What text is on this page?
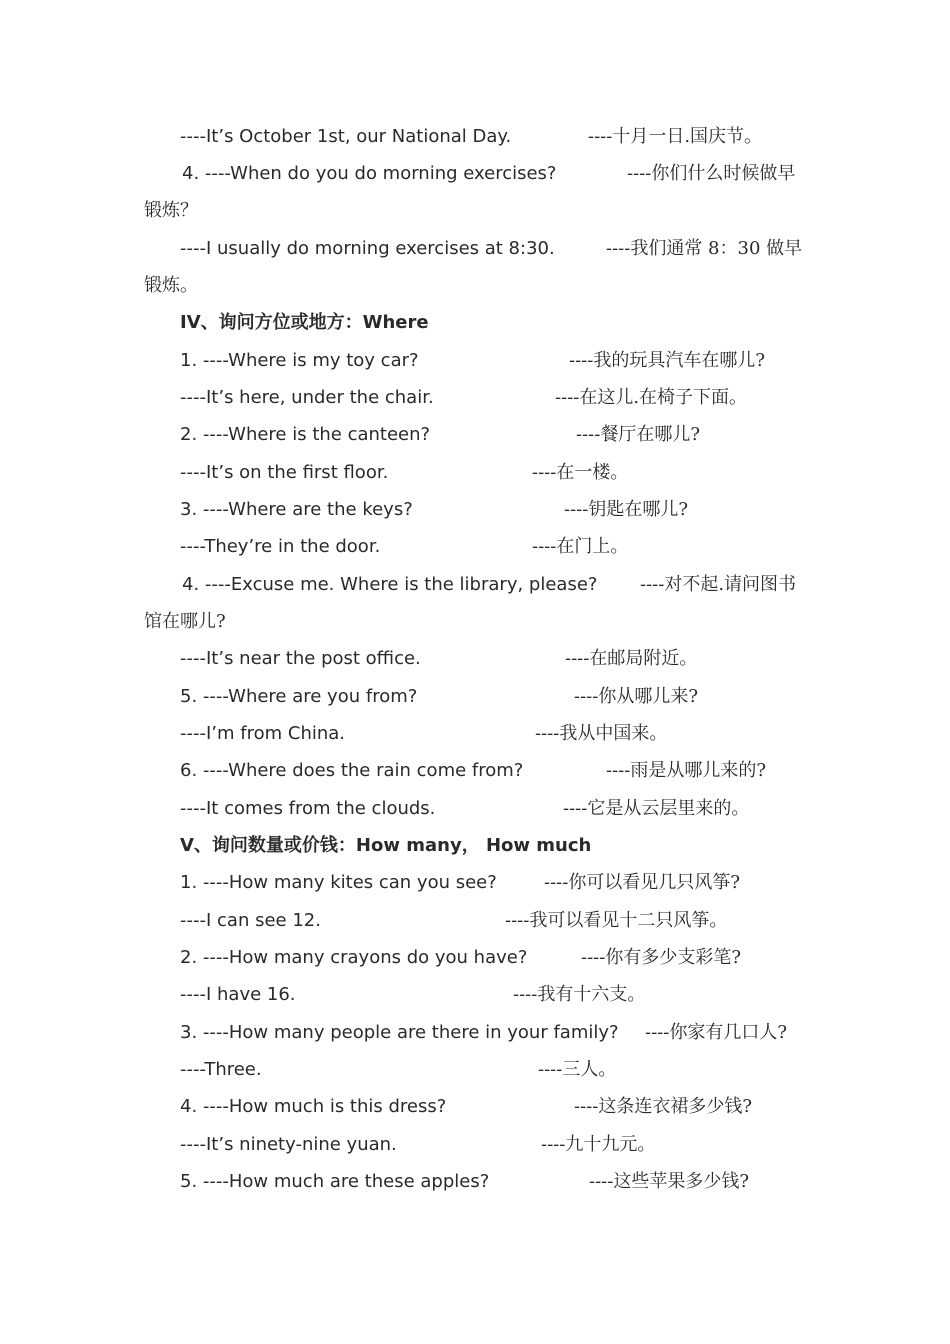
----It’s October 1st, our National Day.	----十月一日.国庆节。
4. ----When do you do morning exercises?	----你们什么时候做早
锻炼？
----I usually do morning exercises at 8:30.	----我们通常 8：30 做早
锻炼。
IV、询问方位或地方：Where
1. ----Where is my toy car?	----我的玩具汽车在哪儿?
----It’s here, under the chair.	----在这儿.在椅子下面。
2. ----Where is the canteen?	----餐厅在哪儿?
----It’s on the first floor.	----在一楼。
3. ----Where are the keys?	----钥匙在哪儿?
----They’re in the door.	----在门上。
4. ----Excuse me. Where is the library, please? ----对不起.请问图书
馆在哪儿?
----It’s near the post office.	----在邮局附近。
5. ----Where are you from?	----你从哪儿来?
----I’m from China.	----我从中国来。
6. ----Where does the rain come from?	----雨是从哪儿来的?
----It comes from the clouds.	----它是从云层里来的。
V、询问数量或价钱：How many， How much
1. ----How many kites can you see?	----你可以看见几只风筝?
----I can see 12.	----我可以看见十二只风筝。
2. ----How many crayons do you have?	----你有多少支彩笔?
----I have 16.	----我有十六支。
3. ----How many people are there in your family? ----你家有几口人?
----Three.	----三人。
4. ----How much is this dress?	----这条连衣裙多少钱?
----It’s ninety-nine yuan.	----九十九元。
5. ----How much are these apples?	----这些苹果多少钱?
